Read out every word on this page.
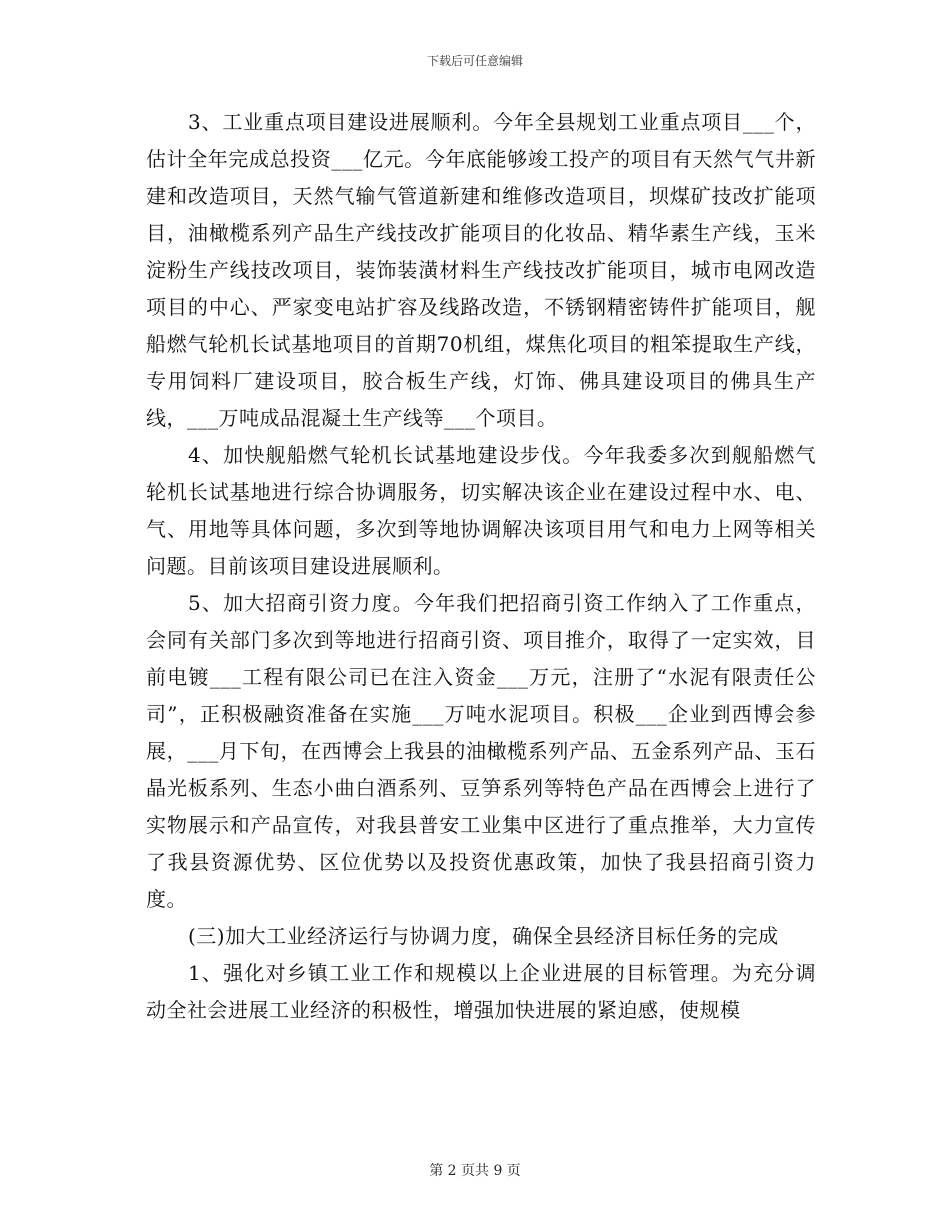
下载后可任意编辑

3、工业重点项目建设进展顺利。今年全县规划工业重点项目___个，估计全年完成总投资___亿元。今年底能够竣工投产的项目有天然气气井新建和改造项目，天然气输气管道新建和维修改造项目，坝煤矿技改扩能项目，油橄榄系列产品生产线技改扩能项目的化妆品、精华素生产线，玉米淀粉生产线技改项目，装饰装潢材料生产线技改扩能项目，城市电网改造项目的中心、严家变电站扩容及线路改造，不锈钢精密铸件扩能项目，舰船燃气轮机长试基地项目的首期70机组，煤焦化项目的粗笨提取生产线，专用饲料厂建设项目，胶合板生产线，灯饰、佛具建设项目的佛具生产线，___万吨成品混凝土生产线等___个项目。

4、加快舰船燃气轮机长试基地建设步伐。今年我委多次到舰船燃气轮机长试基地进行综合协调服务，切实解决该企业在建设过程中水、电、气、用地等具体问题，多次到等地协调解决该项目用气和电力上网等相关问题。目前该项目建设进展顺利。

5、加大招商引资力度。今年我们把招商引资工作纳入了工作重点，会同有关部门多次到等地进行招商引资、项目推介，取得了一定实效，目前电镀___工程有限公司已在注入资金___万元，注册了“水泥有限责任公司”，正积极融资准备在实施___万吨水泥项目。积极___企业到西博会参展，___月下旬，在西博会上我县的油橄榄系列产品、五金系列产品、玉石晶光板系列、生态小曲白酒系列、豆笋系列等特色产品在西博会上进行了实物展示和产品宣传，对我县普安工业集中区进行了重点推举，大力宣传了我县资源优势、区位优势以及投资优惠政策，加快了我县招商引资力度。

(三)加大工业经济运行与协调力度，确保全县经济目标任务的完成

1、强化对乡镇工业工作和规模以上企业进展的目标管理。为充分调动全社会进展工业经济的积极性，增强加快进展的紧迫感，使规模

第 2 页共 9 页
